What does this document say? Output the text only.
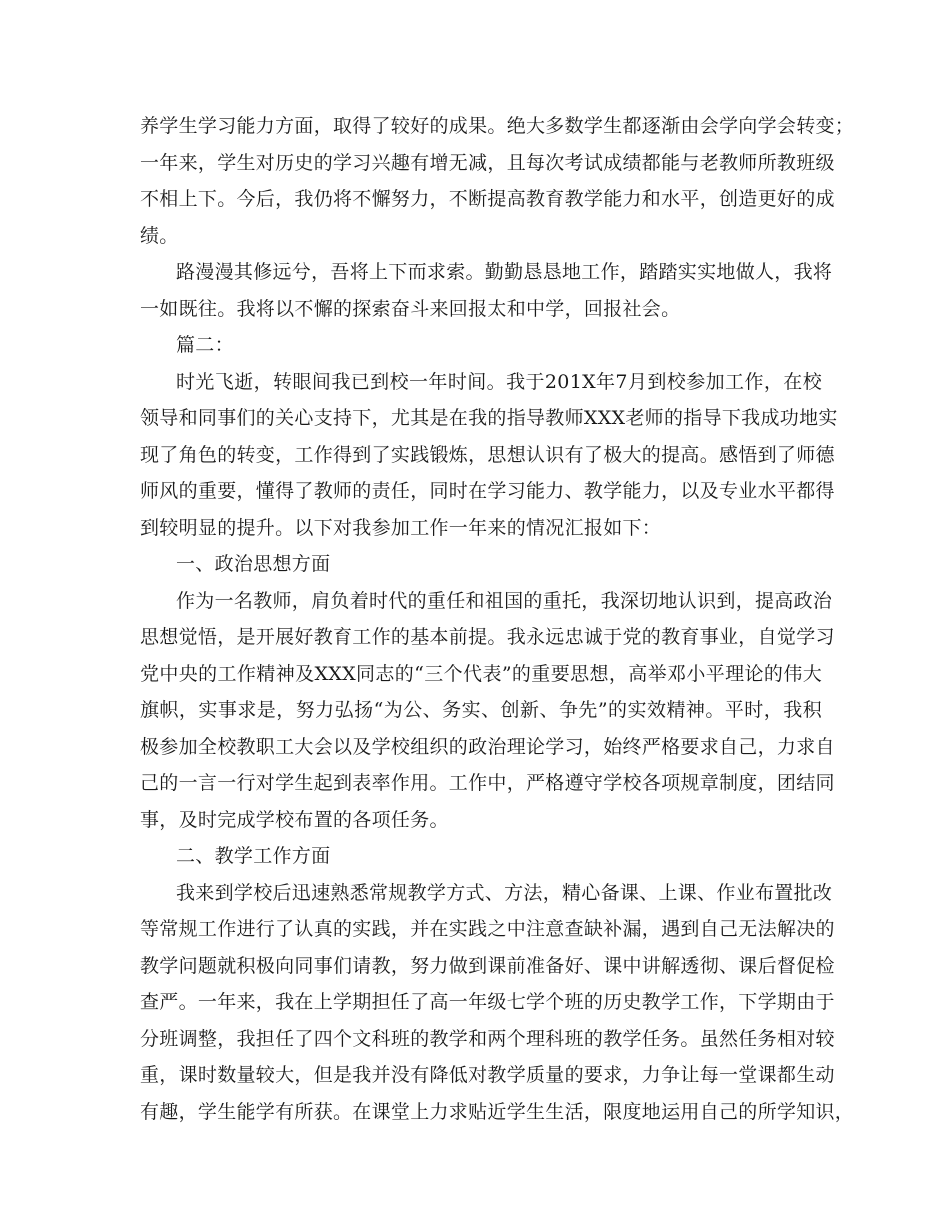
养学生学习能力方面，取得了较好的成果。绝大多数学生都逐渐由会学向学会转变；
一年来，学生对历史的学习兴趣有增无减，且每次考试成绩都能与老教师所教班级
不相上下。今后，我仍将不懈努力，不断提高教育教学能力和水平，创造更好的成
绩。
路漫漫其修远兮，吾将上下而求索。勤勤恳恳地工作，踏踏实实地做人，我将
一如既往。我将以不懈的探索奋斗来回报太和中学，回报社会。
篇二：
时光飞逝，转眼间我已到校一年时间。我于201X年7月到校参加工作，在校
领导和同事们的关心支持下，尤其是在我的指导教师XXX老师的指导下我成功地实
现了角色的转变，工作得到了实践锻炼，思想认识有了极大的提高。感悟到了师德
师风的重要，懂得了教师的责任，同时在学习能力、教学能力，以及专业水平都得
到较明显的提升。以下对我参加工作一年来的情况汇报如下：
一、政治思想方面
作为一名教师，肩负着时代的重任和祖国的重托，我深切地认识到，提高政治
思想觉悟，是开展好教育工作的基本前提。我永远忠诚于党的教育事业，自觉学习
党中央的工作精神及XXX同志的“三个代表”的重要思想，高举邓小平理论的伟大
旗帜，实事求是，努力弘扬“为公、务实、创新、争先”的实效精神。平时，我积
极参加全校教职工大会以及学校组织的政治理论学习，始终严格要求自己，力求自
己的一言一行对学生起到表率作用。工作中，严格遵守学校各项规章制度，团结同
事，及时完成学校布置的各项任务。
二、教学工作方面
我来到学校后迅速熟悉常规教学方式、方法，精心备课、上课、作业布置批改
等常规工作进行了认真的实践，并在实践之中注意查缺补漏，遇到自己无法解决的
教学问题就积极向同事们请教，努力做到课前准备好、课中讲解透彻、课后督促检
查严。一年来，我在上学期担任了高一年级七学个班的历史教学工作，下学期由于
分班调整，我担任了四个文科班的教学和两个理科班的教学任务。虽然任务相对较
重，课时数量较大，但是我并没有降低对教学质量的要求，力争让每一堂课都生动
有趣，学生能学有所获。在课堂上力求贴近学生生活，限度地运用自己的所学知识，
